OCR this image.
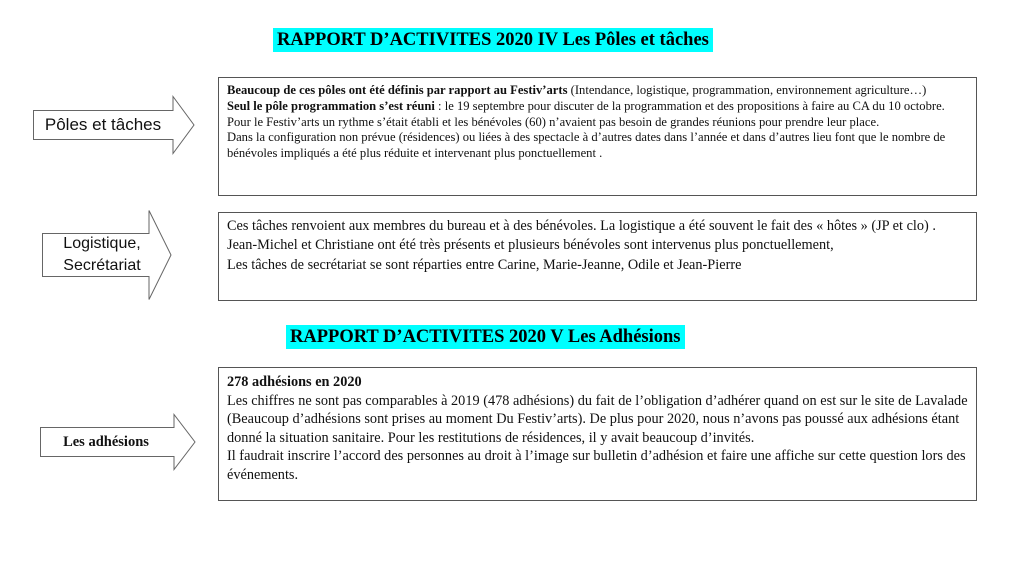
RAPPORT D’ACTIVITES 2020 IV Les Pôles et tâches
Pôles et tâches

Beaucoup de ces pôles ont été définis par rapport au Festiv’arts (Intendance, logistique, programmation, environnement agriculture…)

Seul le pôle programmation s’est réuni : le 19 septembre pour discuter de la programmation et des propositions à faire au CA du 10 octobre.

Pour le Festiv’arts un rythme s’était établi et les bénévoles (60) n’avaient pas besoin de grandes réunions pour prendre leur place.

Dans la configuration non prévue (résidences) ou liées à des spectacle à d’autres dates dans l’année et dans d’autres lieu font que le nombre de bénévoles impliqués a été plus réduite et intervenant plus ponctuellement .

Logistique,
Secrétariat

Ces tâches renvoient aux membres du bureau et à des bénévoles. La logistique a été souvent le fait des « hôtes » (JP et clo) . Jean-Michel et Christiane ont été très présents et plusieurs bénévoles sont intervenus plus ponctuellement,

Les tâches de secrétariat se sont réparties entre Carine, Marie-Jeanne, Odile et Jean-Pierre

RAPPORT D’ACTIVITES 2020 V Les Adhésions
Les adhésions

278 adhésions en 2020

Les chiffres ne sont pas comparables à 2019 (478 adhésions) du fait de l’obligation d’adhérer quand on est sur le site de Lavalade (Beaucoup d’adhésions sont prises au moment Du Festiv’arts). De plus pour 2020, nous n’avons pas poussé aux adhésions étant donné la situation sanitaire. Pour les restitutions de résidences, il y avait beaucoup d’invités.

Il faudrait inscrire l’accord des personnes au droit à l’image sur bulletin d’adhésion et faire une affiche sur cette question lors des événements.
